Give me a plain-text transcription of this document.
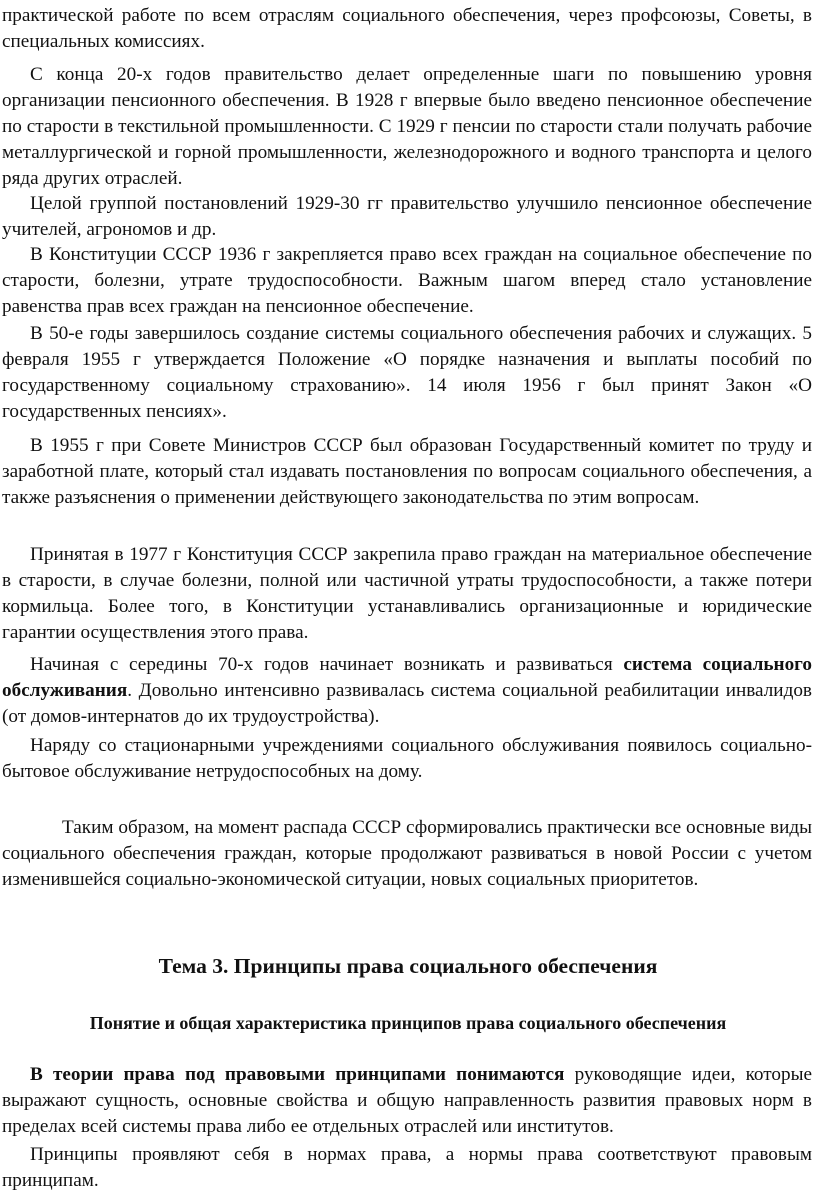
практической работе по всем отраслям социального обеспечения, через профсоюзы, Советы, в специальных комиссиях.

С конца 20-х годов правительство делает определенные шаги по повышению уровня организации пенсионного обеспечения. В 1928 г впервые было введено пенсионное обеспечение по старости в текстильной промышленности. С 1929 г пенсии по старости стали получать рабочие металлургической и горной промышленности, железнодорожного и водного транспорта и целого ряда других отраслей.

Целой группой постановлений 1929-30 гг правительство улучшило пенсионное обеспечение учителей, агрономов и др.

В Конституции СССР 1936 г закрепляется право всех граждан на социальное обеспечение по старости, болезни, утрате трудоспособности. Важным шагом вперед стало установление равенства прав всех граждан на пенсионное обеспечение.

В 50-е годы завершилось создание системы социального обеспечения рабочих и служащих. 5 февраля 1955 г утверждается Положение «О порядке назначения и выплаты пособий по государственному социальному страхованию». 14 июля 1956 г был принят Закон «О государственных пенсиях».

В 1955 г при Совете Министров СССР был образован Государственный комитет по труду и заработной плате, который стал издавать постановления по вопросам социального обеспечения, а также разъяснения о применении действующего законодательства по этим вопросам.

Принятая в 1977 г Конституция СССР закрепила право граждан на материальное обеспечение в старости, в случае болезни, полной или частичной утраты трудоспособности, а также потери кормильца. Более того, в Конституции устанавливались организационные и юридические гарантии осуществления этого права.

Начиная с середины 70-х годов начинает возникать и развиваться система социального обслуживания. Довольно интенсивно развивалась система социальной реабилитации инвалидов (от домов-интернатов до их трудоустройства).

Наряду со стационарными учреждениями социального обслуживания появилось социально-бытовое обслуживание нетрудоспособных на дому.

Таким образом, на момент распада СССР сформировались практически все основные виды социального обеспечения граждан, которые продолжают развиваться в новой России с учетом изменившейся социально-экономической ситуации, новых социальных приоритетов.

Тема 3. Принципы права социального обеспечения
Понятие и общая характеристика принципов права социального обеспечения

В теории права под правовыми принципами понимаются руководящие идеи, которые выражают сущность, основные свойства и общую направленность развития правовых норм в пределах всей системы права либо ее отдельных отраслей или институтов.

Принципы проявляют себя в нормах права, а нормы права соответствуют правовым принципам.
